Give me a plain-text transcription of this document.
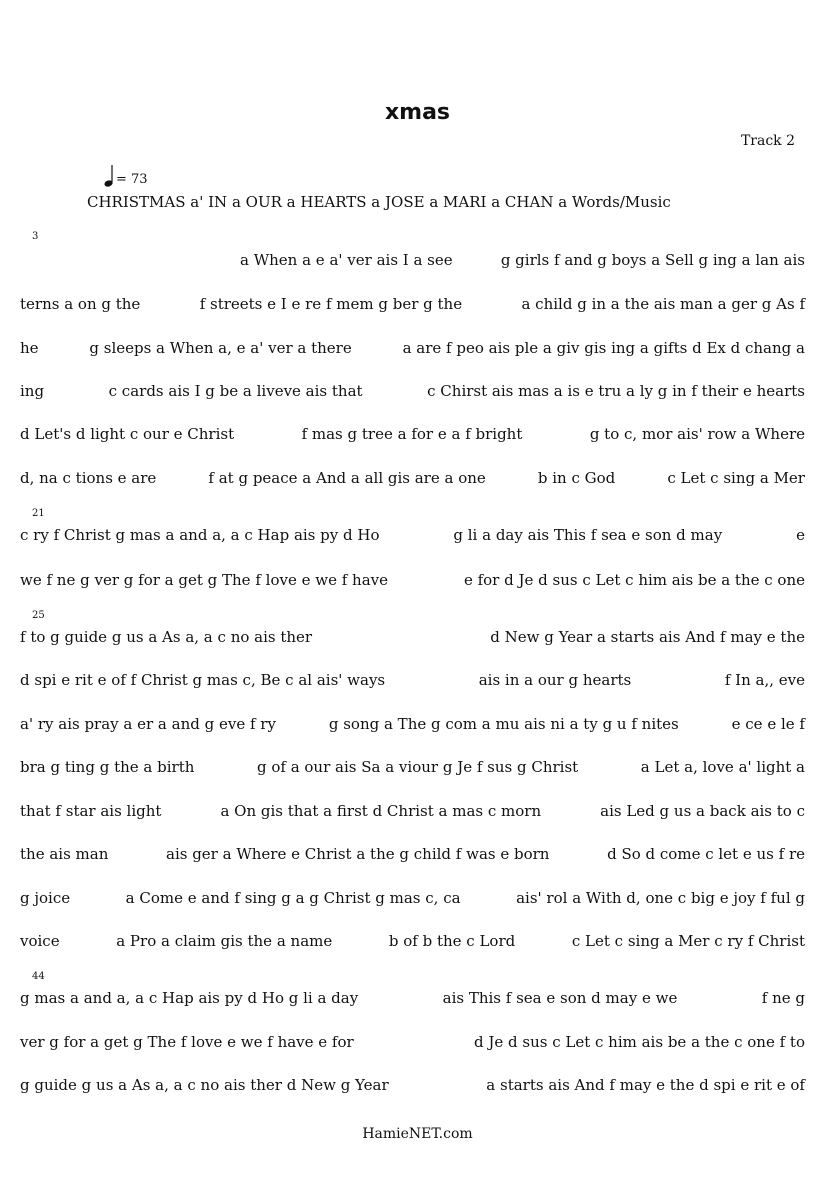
xmas
Track 2
= 73
CHRISTMAS a' IN a OUR a HEARTS a JOSE a MARI a CHAN a Words/Music
3
21
25
44
a When a e a' ver ais I a see	g girls f and g boys a Sell g ing a lan ais
terns a on g the	f streets e I e re f mem g ber g the	a child g in a the ais man a ger g As f
he	g sleeps a When a, e a' ver a there	a are f peo ais ple a giv gis ing a gifts d Ex d chang a
ing	c cards ais I g be a liveve ais that	c Chirst ais mas a is e tru a ly g in f their e hearts
d Let's d light c our e Christ	f mas g tree a for e a f bright	g to c, mor ais' row a Where
d, na c tions e are	f at g peace a And a all gis are a one	b in c God	c Let c sing a Mer
c ry f Christ g mas a and a, a c Hap ais py d Ho	g li a day ais This f sea e son d may	e
we f ne g ver g for a get g The f love e we f have	e for d Je d sus c Let c him ais be a the c one
f to g guide g us a As a, a c no ais ther	d New g Year a starts ais And f may e the
d spi e rit e of f Christ g mas c, Be c al ais' ways	ais in a our g hearts	f In a,, eve
a' ry ais pray a er a and g eve f ry	g song a The g com a mu ais ni a ty g u f nites	e ce e le f
bra g ting g the a birth	g of a our ais Sa a viour g Je f sus g Christ	a Let a, love a' light a
that f star ais light	a On gis that a first d Christ a mas c morn	ais Led g us a back ais to c
the ais man	ais ger a Where e Christ a the g child f was e born	d So d come c let e us f re
g joice	a Come e and f sing g a g Christ g mas c, ca	ais' rol a With d, one c big e joy f ful g
voice	a Pro a claim gis the a name	b of b the c Lord	c Let c sing a Mer c ry f Christ
g mas a and a, a c Hap ais py d Ho g li a day	ais This f sea e son d may e we	f ne g
ver g for a get g The f love e we f have e for	d Je d sus c Let c him ais be a the c one f to
g guide g us a As a, a c no ais ther d New g Year	a starts ais And f may e the d spi e rit e of
HamieNET.com
